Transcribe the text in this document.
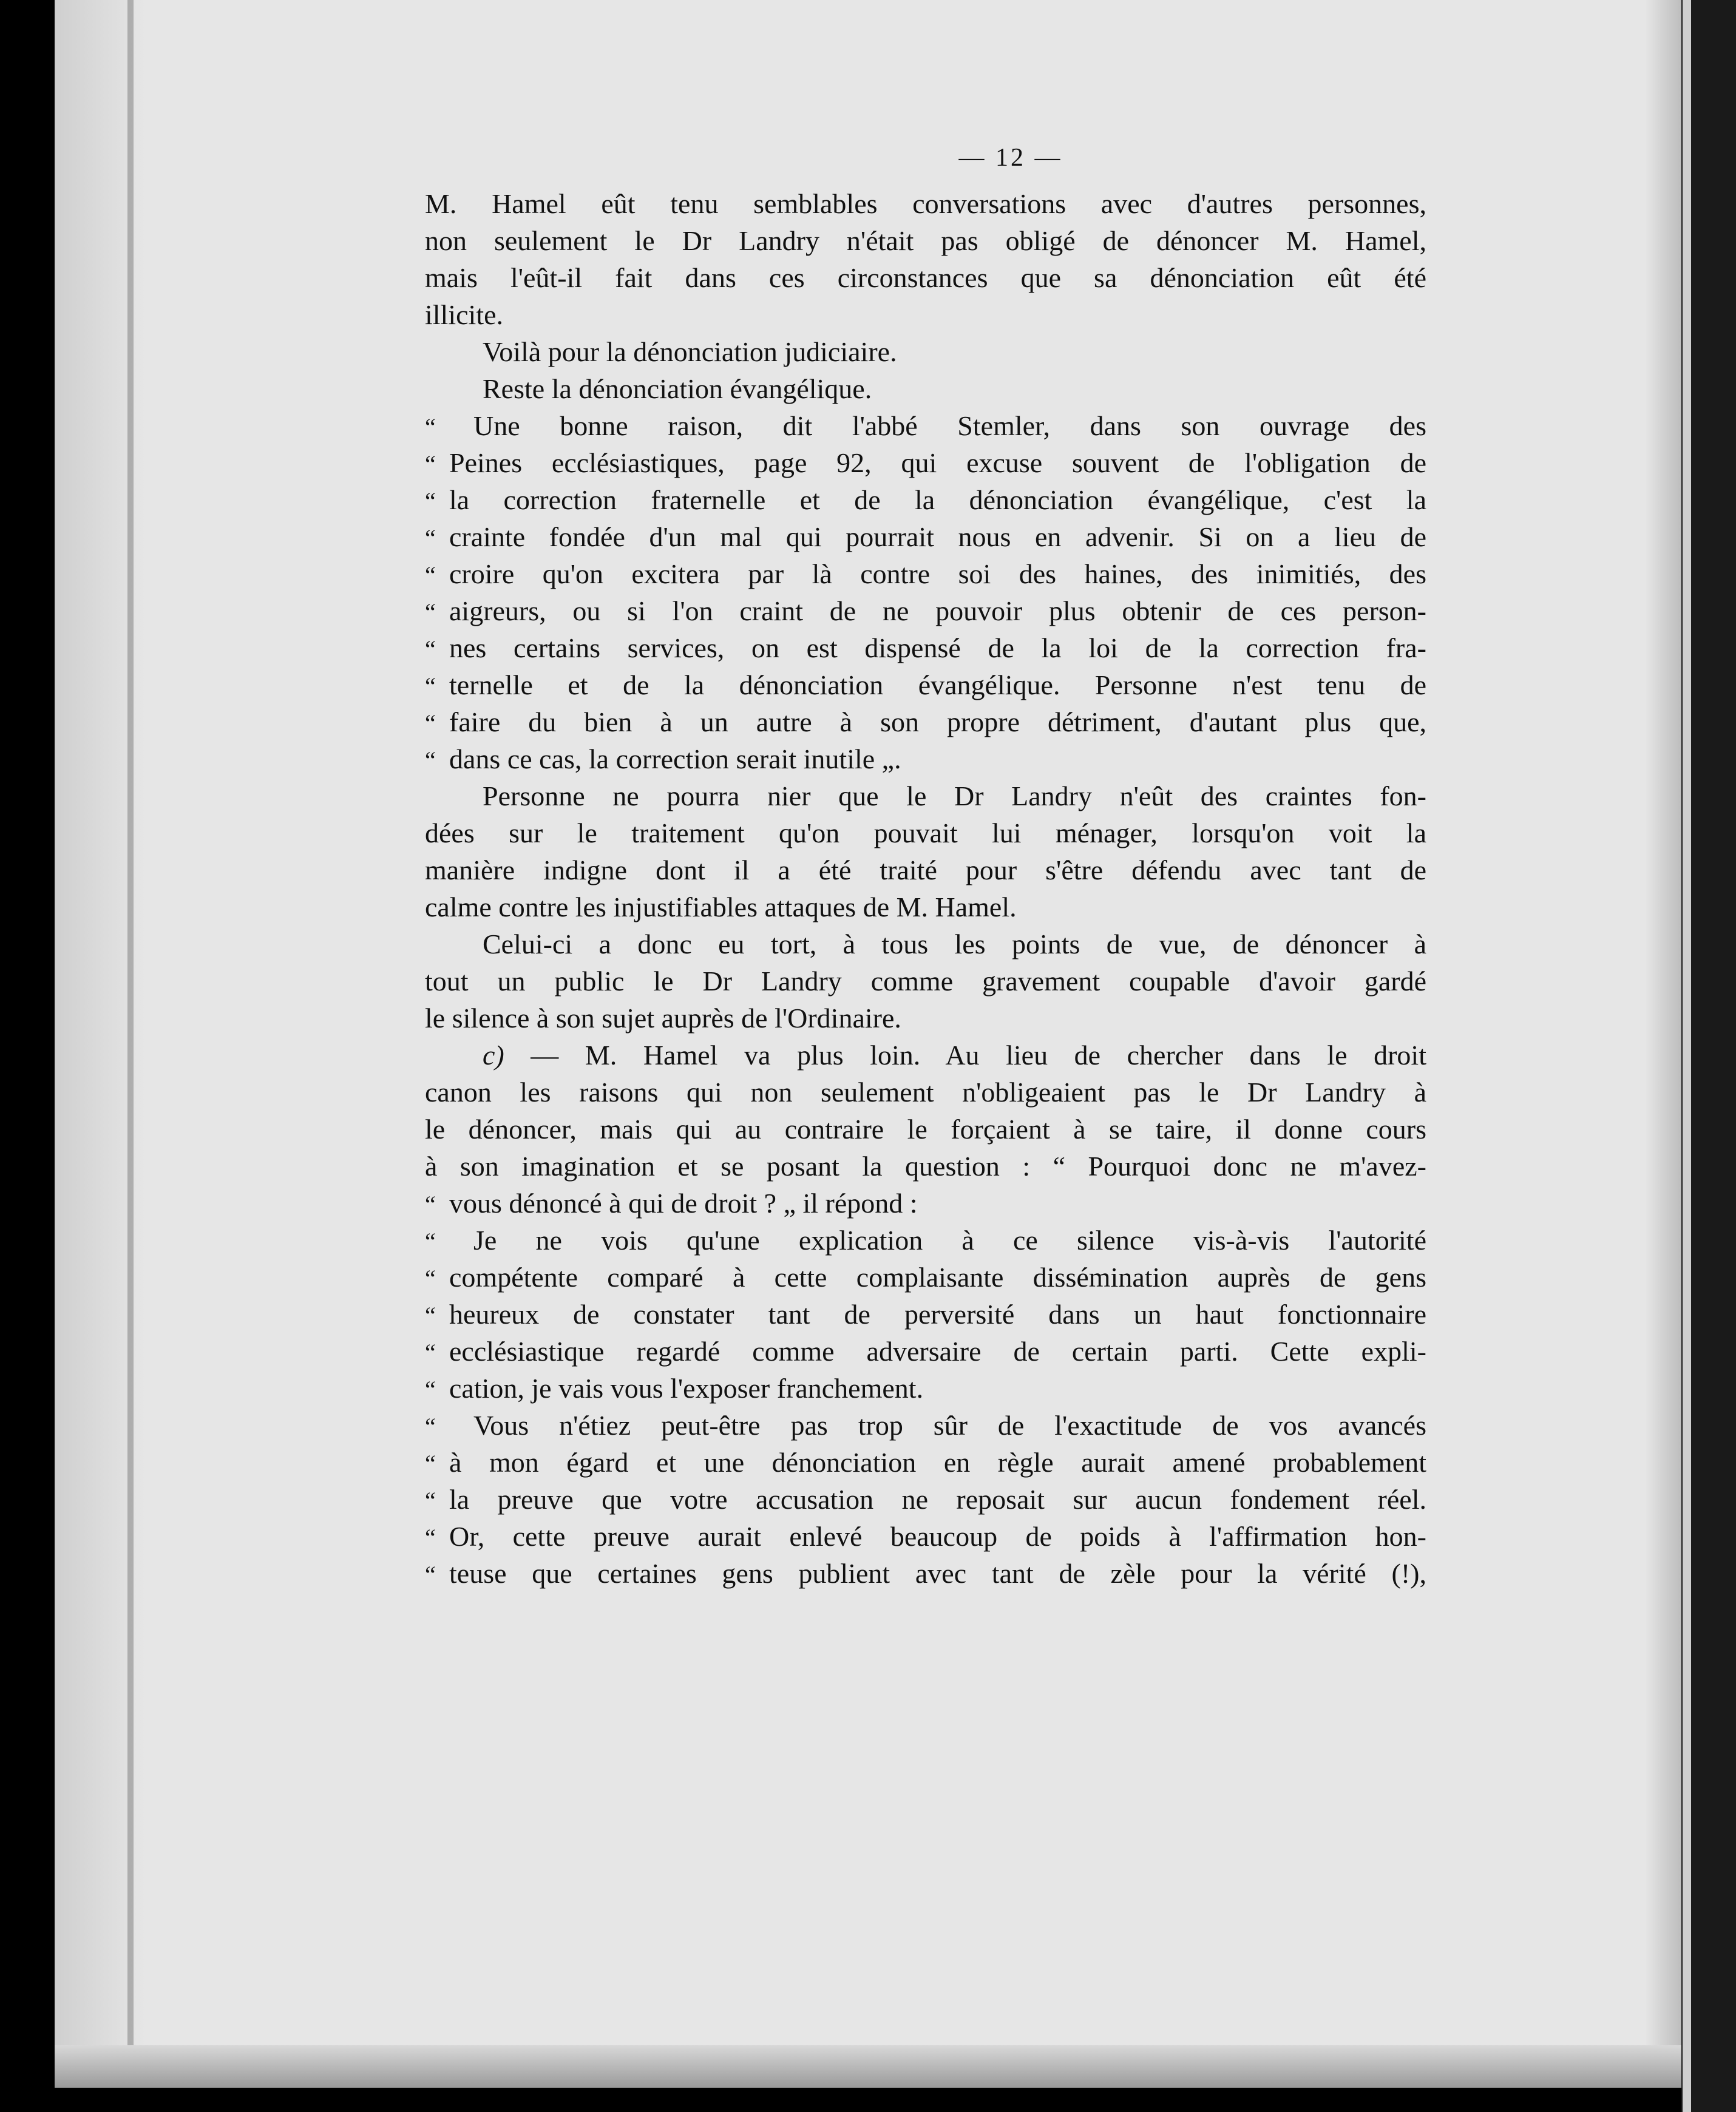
— 12 —
M. Hamel eût tenu semblables conversations avec d'autres personnes,
non seulement le Dr Landry n'était pas obligé de dénoncer M. Hamel,
mais l'eût-il fait dans ces circonstances que sa dénonciation eût été
illicite.
Voilà pour la dénonciation judiciaire.
Reste la dénonciation évangélique.
“	Une bonne raison, dit l'abbé Stemler, dans son ouvrage des
“ Peines ecclésiastiques, page 92, qui excuse souvent de l'obligation de
“ la correction fraternelle et de la dénonciation évangélique, c'est la
“ crainte fondée d'un mal qui pourrait nous en advenir. Si on a lieu de
“ croire qu'on excitera par là contre soi des haines, des inimitiés, des
“ aigreurs, ou si l'on craint de ne pouvoir plus obtenir de ces person-
“ nes certains services, on est dispensé de la loi de la correction fra-
“ ternelle et de la dénonciation évangélique. Personne n'est tenu de
“ faire du bien à un autre à son propre détriment, d'autant plus que,
“ dans ce cas, la correction serait inutile „.
Personne ne pourra nier que le Dr Landry n'eût des craintes fon-
dées sur le traitement qu'on pouvait lui ménager, lorsqu'on voit la
manière indigne dont il a été traité pour s'être défendu avec tant de
calme contre les injustifiables attaques de M. Hamel.
Celui-ci a donc eu tort, à tous les points de vue, de dénoncer à
tout un public le Dr Landry comme gravement coupable d'avoir gardé
le silence à son sujet auprès de l'Ordinaire.
c) — M. Hamel va plus loin. Au lieu de chercher dans le droit
canon les raisons qui non seulement n'obligeaient pas le Dr Landry à
le dénoncer, mais qui au contraire le forçaient à se taire, il donne cours
à son imagination et se posant la question : “ Pourquoi donc ne m'avez-
“ vous dénoncé à qui de droit ? „ il répond :
“	Je ne vois qu'une explication à ce silence vis-à-vis l'autorité
“ compétente comparé à cette complaisante dissémination auprès de gens
“ heureux de constater tant de perversité dans un haut fonctionnaire
“ ecclésiastique regardé comme adversaire de certain parti. Cette expli-
“ cation, je vais vous l'exposer franchement.
“	Vous n'étiez peut-être pas trop sûr de l'exactitude de vos avancés
“ à mon égard et une dénonciation en règle aurait amené probablement
“ la preuve que votre accusation ne reposait sur aucun fondement réel.
“ Or, cette preuve aurait enlevé beaucoup de poids à l'affirmation hon-
“ teuse que certaines gens publient avec tant de zèle pour la vérité (!),
